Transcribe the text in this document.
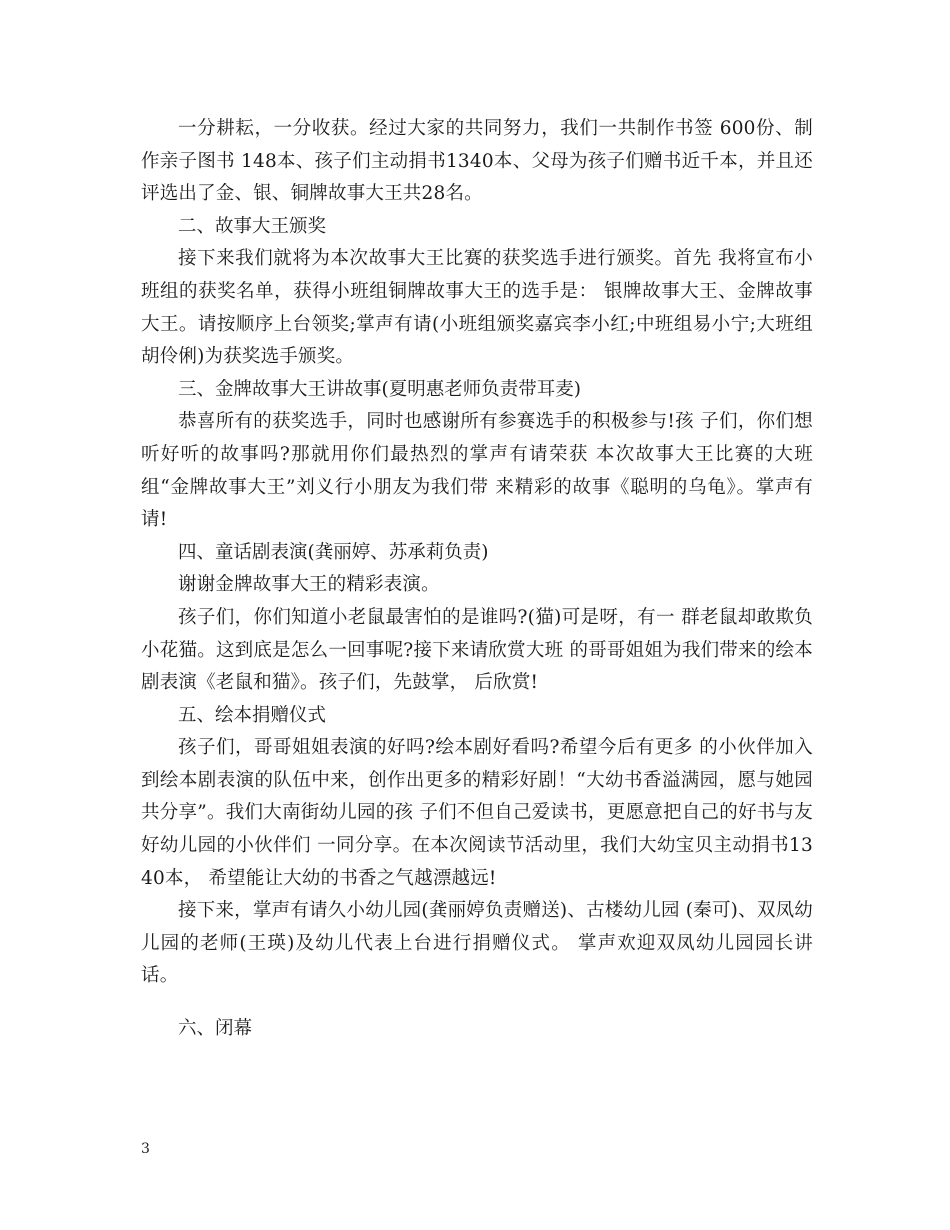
一分耕耘，一分收获。经过大家的共同努力，我们一共制作书签 600份、制作亲子图书 148本、孩子们主动捐书1340本、父母为孩子们赠书近千本，并且还评选出了金、银、铜牌故事大王共28名。

二、故事大王颁奖

接下来我们就将为本次故事大王比赛的获奖选手进行颁奖。首先 我将宣布小班组的获奖名单，获得小班组铜牌故事大王的选手是： 银牌故事大王、金牌故事大王。请按顺序上台领奖;掌声有请(小班组颁奖嘉宾李小红;中班组易小宁;大班组胡伶俐)为获奖选手颁奖。

三、金牌故事大王讲故事(夏明惠老师负责带耳麦)

恭喜所有的获奖选手，同时也感谢所有参赛选手的积极参与!孩 子们，你们想听好听的故事吗?那就用你们最热烈的掌声有请荣获 本次故事大王比赛的大班组“金牌故事大王”刘义行小朋友为我们带 来精彩的故事《聪明的乌龟》。掌声有请!

四、童话剧表演(龚丽婷、苏承莉负责)

谢谢金牌故事大王的精彩表演。

孩子们，你们知道小老鼠最害怕的是谁吗?(猫)可是呀，有一 群老鼠却敢欺负小花猫。这到底是怎么一回事呢?接下来请欣赏大班 的哥哥姐姐为我们带来的绘本剧表演《老鼠和猫》。孩子们，先鼓掌， 后欣赏!

五、绘本捐赠仪式

孩子们，哥哥姐姐表演的好吗?绘本剧好看吗?希望今后有更多 的小伙伴加入到绘本剧表演的队伍中来，创作出更多的精彩好剧！“大幼书香溢满园，愿与她园共分享”。我们大南街幼儿园的孩 子们不但自己爱读书，更愿意把自己的好书与友好幼儿园的小伙伴们 一同分享。在本次阅读节活动里，我们大幼宝贝主动捐书1340本， 希望能让大幼的书香之气越漂越远!

接下来，掌声有请久小幼儿园(龚丽婷负责赠送)、古楼幼儿园 (秦可)、双凤幼儿园的老师(王瑛)及幼儿代表上台进行捐赠仪式。 掌声欢迎双凤幼儿园园长讲话。

六、闭幕

3
